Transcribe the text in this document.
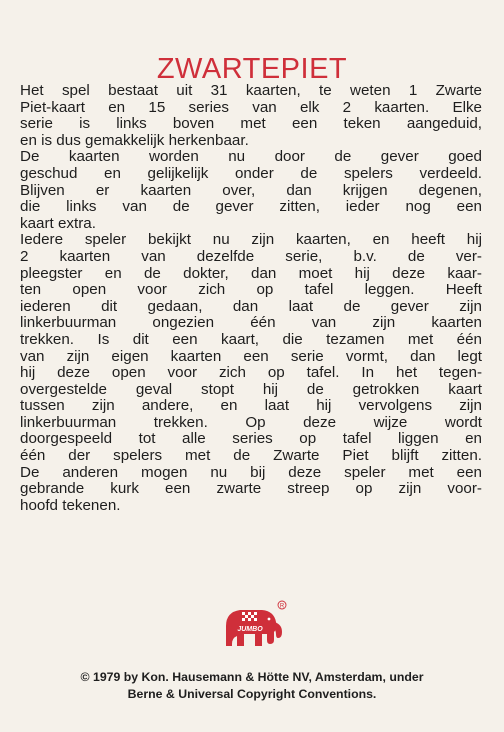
ZWARTEPIET
Het spel bestaat uit 31 kaarten, te weten 1 Zwarte
Piet-kaart en 15 series van elk 2 kaarten. Elke
serie is links boven met een teken aangeduid,
en is dus gemakkelijk herkenbaar.
De kaarten worden nu door de gever goed
geschud en gelijkelijk onder de spelers verdeeld.
Blijven er kaarten over, dan krijgen degenen,
die links van de gever zitten, ieder nog een
kaart extra.
Iedere speler bekijkt nu zijn kaarten, en heeft hij
2 kaarten van dezelfde serie, b.v. de ver-
pleegster en de dokter, dan moet hij deze kaar-
ten open voor zich op tafel leggen. Heeft
iederen dit gedaan, dan laat de gever zijn
linkerbuurman ongezien één van zijn kaarten
trekken. Is dit een kaart, die tezamen met één
van zijn eigen kaarten een serie vormt, dan legt
hij deze open voor zich op tafel. In het tegen-
overgestelde geval stopt hij de getrokken kaart
tussen zijn andere, en laat hij vervolgens zijn
linkerbuurman trekken. Op deze wijze wordt
doorgespeeld tot alle series op tafel liggen en
één der spelers met de Zwarte Piet blijft zitten.
De anderen mogen nu bij deze speler met een
gebrande kurk een zwarte streep op zijn voor-
hoofd tekenen.
R
JUMBO
© 1979 by Kon. Hausemann & Hötte NV, Amsterdam, under
Berne & Universal Copyright Conventions.
